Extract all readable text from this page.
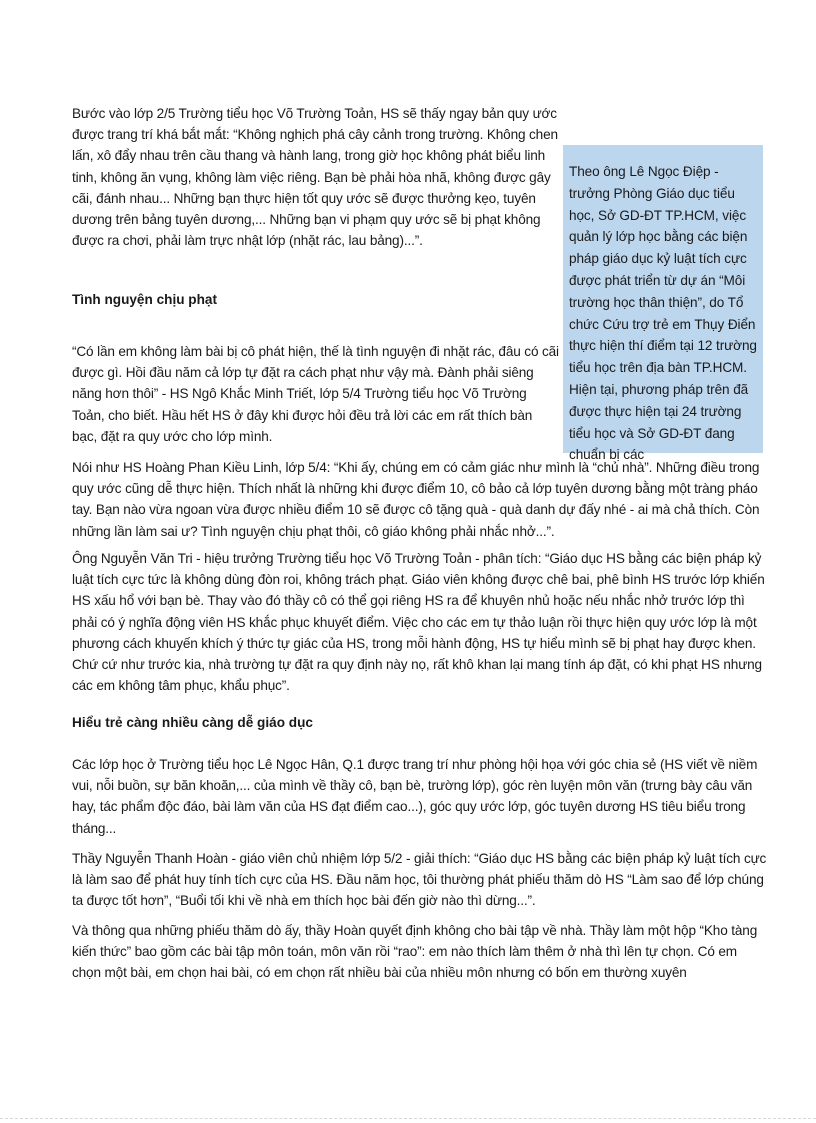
Bước vào lớp 2/5 Trường tiểu học Võ Trường Toản, HS sẽ thấy ngay bản quy ước được trang trí khá bắt mắt: “Không nghịch phá cây cảnh trong trường. Không chen lấn, xô đẩy nhau trên cầu thang và hành lang, trong giờ học không phát biểu linh tinh, không ăn vụng, không làm việc riêng. Bạn bè phải hòa nhã, không được gây cãi, đánh nhau... Những bạn thực hiện tốt quy ước sẽ được thưởng kẹo, tuyên dương trên bảng tuyên dương,... Những bạn vi phạm quy ước sẽ bị phạt không được ra chơi, phải làm trực nhật lớp (nhặt rác, lau bảng)...”.

Theo ông Lê Ngọc Điệp - trưởng Phòng Giáo dục tiểu học, Sở GD-ĐT TP.HCM, việc quản lý lớp học bằng các biện pháp giáo dục kỷ luật tích cực được phát triển từ dự án “Môi trường học thân thiện”, do Tổ chức Cứu trợ trẻ em Thụy Điển thực hiện thí điểm tại 12 trường tiểu học trên địa bàn TP.HCM. Hiện tại, phương pháp trên đã được thực hiện tại 24 trường tiểu học và Sở GD-ĐT đang chuẩn bị các

Tình nguyện chịu phạt

“Có lần em không làm bài bị cô phát hiện, thế là tình nguyện đi nhặt rác, đâu có cãi được gì. Hồi đầu năm cả lớp tự đặt ra cách phạt như vậy mà. Đành phải siêng năng hơn thôi” - HS Ngô Khắc Minh Triết, lớp 5/4 Trường tiểu học Võ Trường Toản, cho biết. Hầu hết HS ở đây khi được hỏi đều trả lời các em rất thích bàn bạc, đặt ra quy ước cho lớp mình.

Nói như HS Hoàng Phan Kiều Linh, lớp 5/4: “Khi ấy, chúng em có cảm giác như mình là “chủ nhà”. Những điều trong quy ước cũng dễ thực hiện. Thích nhất là những khi được điểm 10, cô bảo cả lớp tuyên dương bằng một tràng pháo tay. Bạn nào vừa ngoan vừa được nhiều điểm 10 sẽ được cô tặng quà - quà danh dự đấy nhé - ai mà chả thích. Còn những lần làm sai ư? Tình nguyện chịu phạt thôi, cô giáo không phải nhắc nhở...”.

Ông Nguyễn Văn Tri - hiệu trưởng Trường tiểu học Võ Trường Toản - phân tích: “Giáo dục HS bằng các biện pháp kỷ luật tích cực tức là không dùng đòn roi, không trách phạt. Giáo viên không được chê bai, phê bình HS trước lớp khiến HS xấu hổ với bạn bè. Thay vào đó thầy cô có thể gọi riêng HS ra để khuyên nhủ hoặc nếu nhắc nhở trước lớp thì phải có ý nghĩa động viên HS khắc phục khuyết điểm. Việc cho các em tự thảo luận rồi thực hiện quy ước lớp là một phương cách khuyến khích ý thức tự giác của HS, trong mỗi hành động, HS tự hiểu mình sẽ bị phạt hay được khen. Chứ cứ như trước kia, nhà trường tự đặt ra quy định này nọ, rất khô khan lại mang tính áp đặt, có khi phạt HS nhưng các em không tâm phục, khẩu phục”.

Hiểu trẻ càng nhiều càng dễ giáo dục

Các lớp học ở Trường tiểu học Lê Ngọc Hân, Q.1 được trang trí như phòng hội họa với góc chia sẻ (HS viết về niềm vui, nỗi buồn, sự băn khoăn,... của mình về thầy cô, bạn bè, trường lớp), góc rèn luyện môn văn (trưng bày câu văn hay, tác phẩm độc đáo, bài làm văn của HS đạt điểm cao...), góc quy ước lớp, góc tuyên dương HS tiêu biểu trong tháng...

Thầy Nguyễn Thanh Hoàn - giáo viên chủ nhiệm lớp 5/2 - giải thích: “Giáo dục HS bằng các biện pháp kỷ luật tích cực là làm sao để phát huy tính tích cực của HS. Đầu năm học, tôi thường phát phiếu thăm dò HS “Làm sao để lớp chúng ta được tốt hơn”, “Buổi tối khi về nhà em thích học bài đến giờ nào thì dừng...”.

Và thông qua những phiếu thăm dò ấy, thầy Hoàn quyết định không cho bài tập về nhà. Thầy làm một hộp “Kho tàng kiến thức” bao gồm các bài tập môn toán, môn văn rồi “rao”: em nào thích làm thêm ở nhà thì lên tự chọn. Có em chọn một bài, em chọn hai bài, có em chọn rất nhiều bài của nhiều môn nhưng có bốn em thường xuyên
